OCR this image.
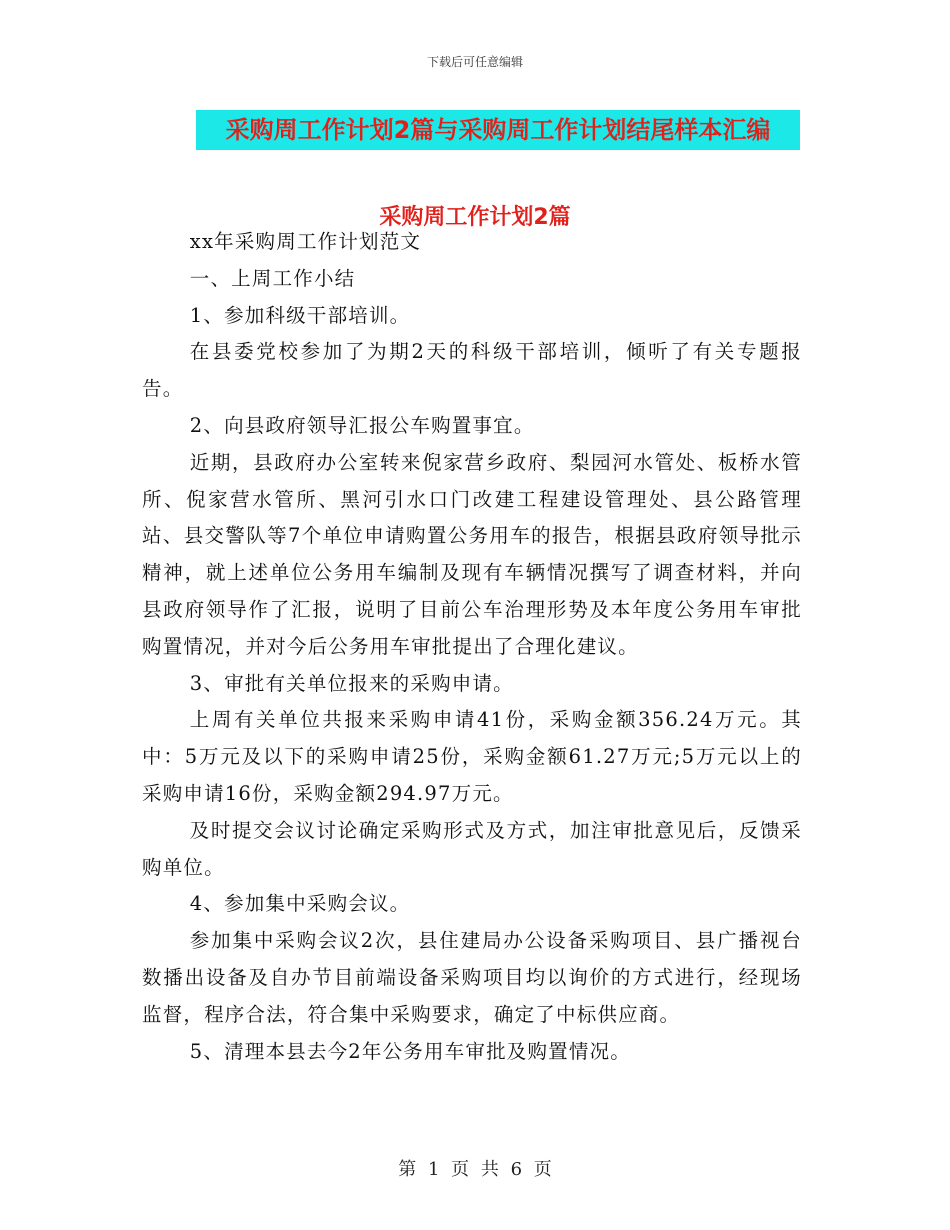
下载后可任意编辑
采购周工作计划2篇与采购周工作计划结尾样本汇编
采购周工作计划2篇

xx年采购周工作计划范文

一、上周工作小结

1、参加科级干部培训。

在县委党校参加了为期2天的科级干部培训，倾听了有关专题报告。

2、向县政府领导汇报公车购置事宜。

近期，县政府办公室转来倪家营乡政府、梨园河水管处、板桥水管所、倪家营水管所、黑河引水口门改建工程建设管理处、县公路管理站、县交警队等7个单位申请购置公务用车的报告，根据县政府领导批示精神，就上述单位公务用车编制及现有车辆情况撰写了调查材料，并向县政府领导作了汇报，说明了目前公车治理形势及本年度公务用车审批购置情况，并对今后公务用车审批提出了合理化建议。

3、审批有关单位报来的采购申请。

上周有关单位共报来采购申请41份，采购金额356.24万元。其中：5万元及以下的采购申请25份，采购金额61.27万元;5万元以上的采购申请16份，采购金额294.97万元。

及时提交会议讨论确定采购形式及方式，加注审批意见后，反馈采购单位。

4、参加集中采购会议。

参加集中采购会议2次，县住建局办公设备采购项目、县广播视台数播出设备及自办节目前端设备采购项目均以询价的方式进行，经现场监督，程序合法，符合集中采购要求，确定了中标供应商。

5、清理本县去今2年公务用车审批及购置情况。

第 1 页 共 6 页
